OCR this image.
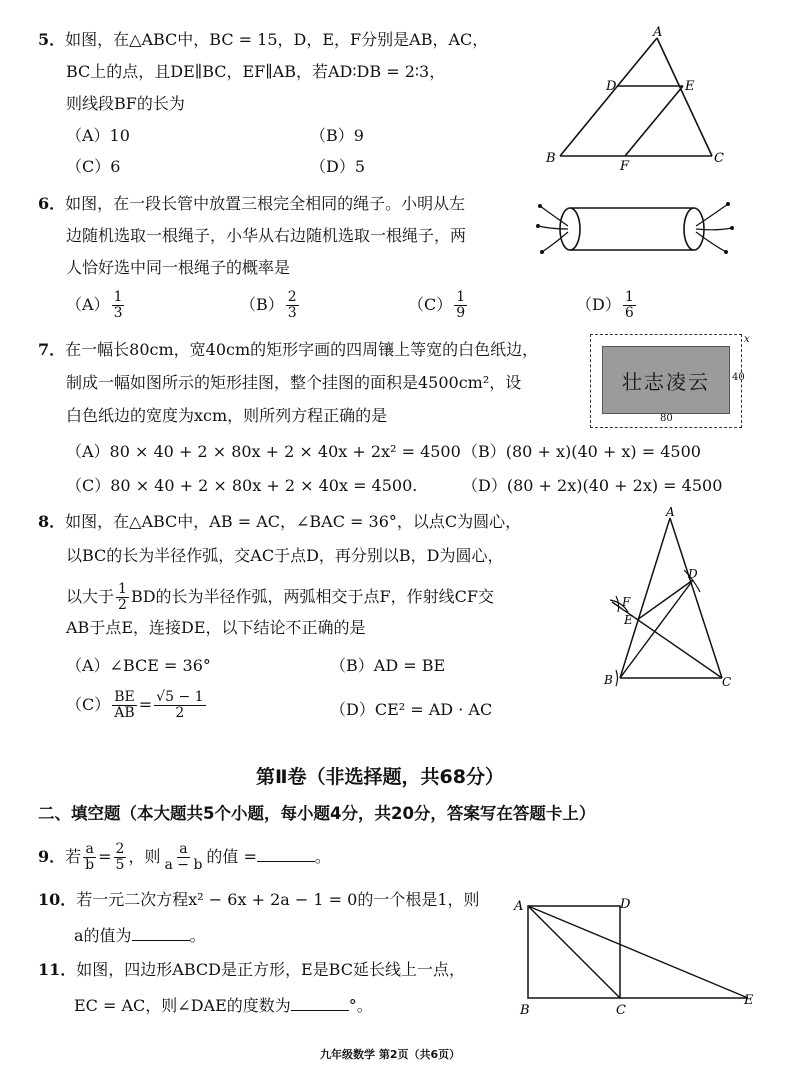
5．如图，在△ABC中，BC = 15，D，E，F分别是AB，AC，
BC上的点，且DE∥BC，EF∥AB，若AD∶DB = 2∶3，
则线段BF的长为
（A）10	（B）9
（C）6	（D）5
A
D	E
B
F
C
6．如图，在一段长管中放置三根完全相同的绳子。小明从左
边随机选取一根绳子，小华从右边随机选取一根绳子，两
人恰好选中同一根绳子的概率是
$(A) \frac{1}{3}$	$(B) \frac{2}{3}$	$(C) \frac{1}{9}$	$(D) \frac{1}{6}$
7．在一幅长80cm，宽40cm的矩形字画的四周镶上等宽的白色纸边，
制成一幅如图所示的矩形挂图，整个挂图的面积是4500cm²，设
白色纸边的宽度为xcm，则所列方程正确的是
壮志凌云
x
40
80
（A）80 × 40 + 2 × 80x + 2 × 40x + 2x² = 4500 （B）(80 + x)(40 + x) = 4500
（C）80 × 40 + 2 × 80x + 2 × 40x = 4500.	（D）(80 + 2x)(40 + 2x) = 4500
8．如图，在△ABC中，AB = AC，∠BAC = 36°，以点C为圆心，
以BC的长为半径作弧，交AC于点D，再分别以B，D为圆心，
以大于 $\frac{1}{2}$ BD的长为半径作弧，两弧相交于点F，作射线CF交
AB于点E，连接DE，以下结论不正确的是
（A）∠BCE = 36°	（B）AD = BE
$(C) \frac{BE}{AB} = \frac{√5 - 1}{2}$	（D）CE² = AD · AC
A
D
F
E
B	C
第Ⅱ卷（非选择题，共68分）
二、填空题（本大题共5个小题，每小题4分，共20分，答案写在答题卡上）
9．若 $\frac{a}{b} = \frac{2}{5}$ ，则 $\frac{a}{a - b}$ 的值 =	。
10．若一元二次方程x² − 6x + 2a − 1 = 0的一个根是1，则
a的值为	。
11．如图，四边形ABCD是正方形，E是BC延长线上一点，
EC = AC，则∠DAE的度数为	°。
A	D
B	C
E
九年级数学 第2页（共6页）
